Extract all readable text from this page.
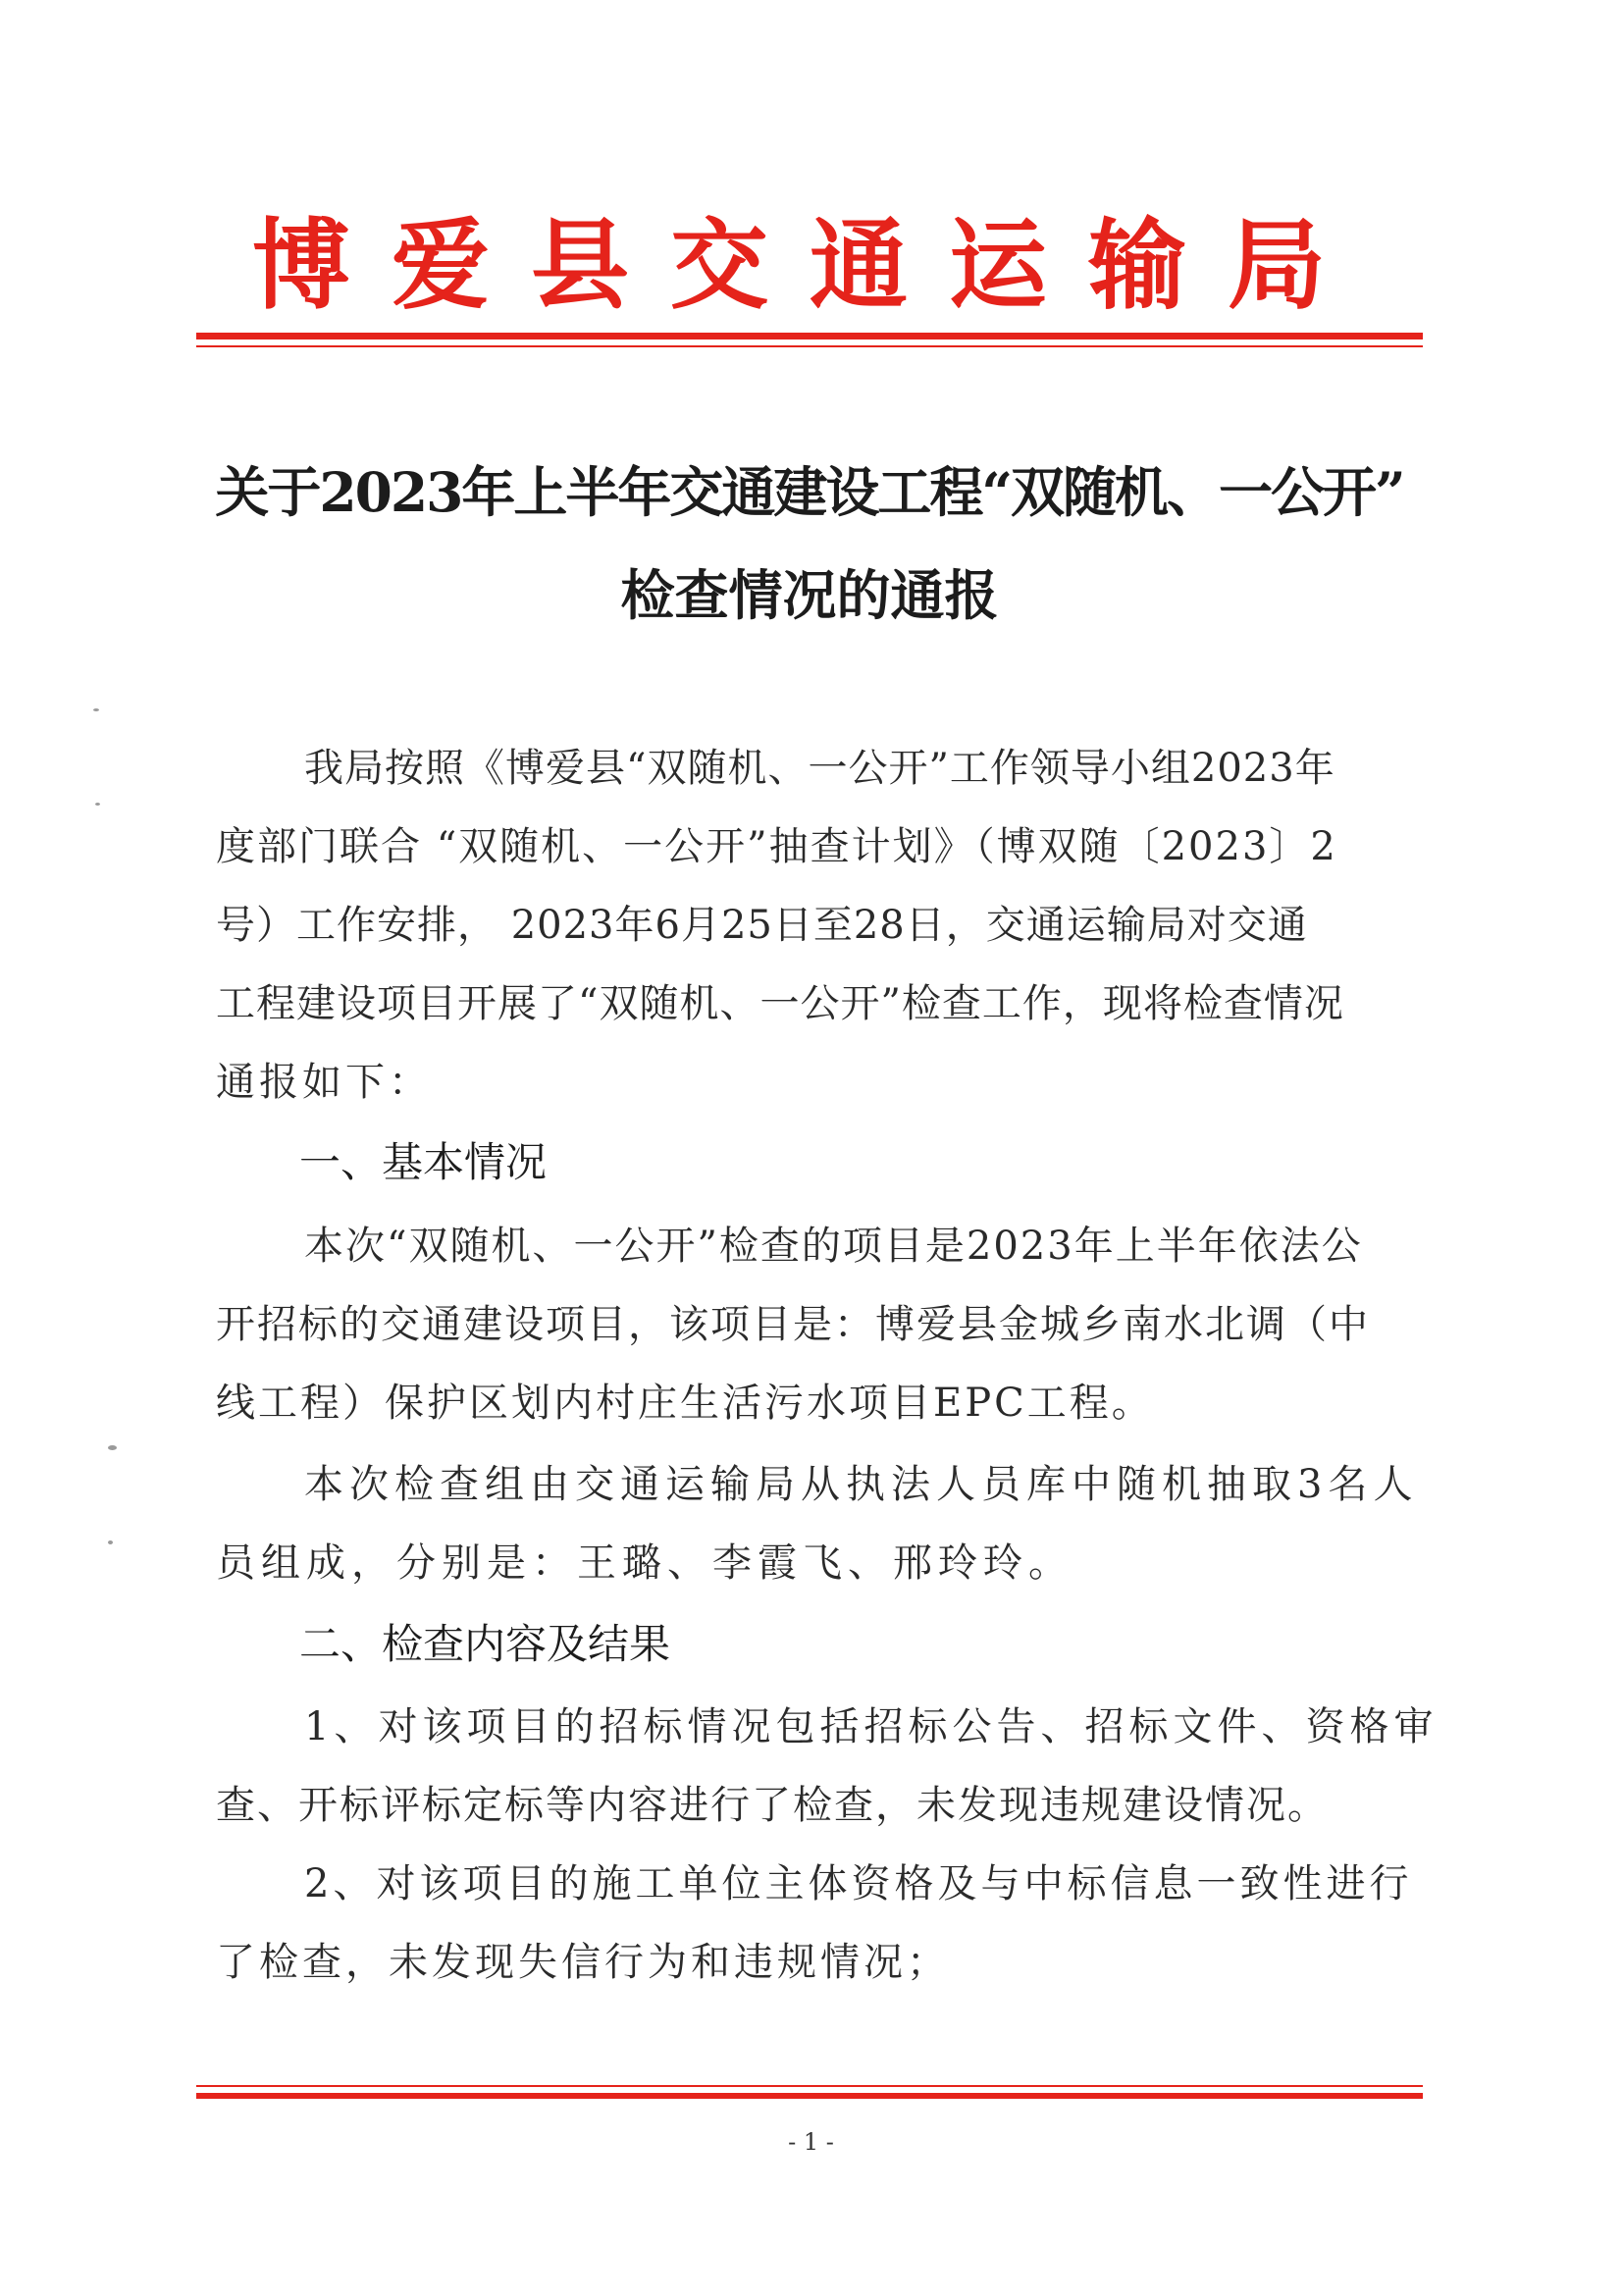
博爱县交通运输局
关于2023年上半年交通建设工程“双随机、一公开”
检查情况的通报
我局按照《博爱县“双随机、一公开”工作领导小组2023年
度部门联合 “双随机、一公开”抽查计划》（博双随〔2023〕2
号）工作安排， 2023年6月25日至28日，交通运输局对交通
工程建设项目开展了“双随机、一公开”检查工作，现将检查情况
通报如下：
一、基本情况
本次“双随机、一公开”检查的项目是2023年上半年依法公
开招标的交通建设项目，该项目是：博爱县金城乡南水北调（中
线工程）保护区划内村庄生活污水项目EPC工程。
本次检查组由交通运输局从执法人员库中随机抽取3名人
员组成，分别是：王璐、李霞飞、邢玲玲。
二、检查内容及结果
1、对该项目的招标情况包括招标公告、招标文件、资格审
查、开标评标定标等内容进行了检查，未发现违规建设情况。
2、对该项目的施工单位主体资格及与中标信息一致性进行
了检查，未发现失信行为和违规情况；
- 1 -
